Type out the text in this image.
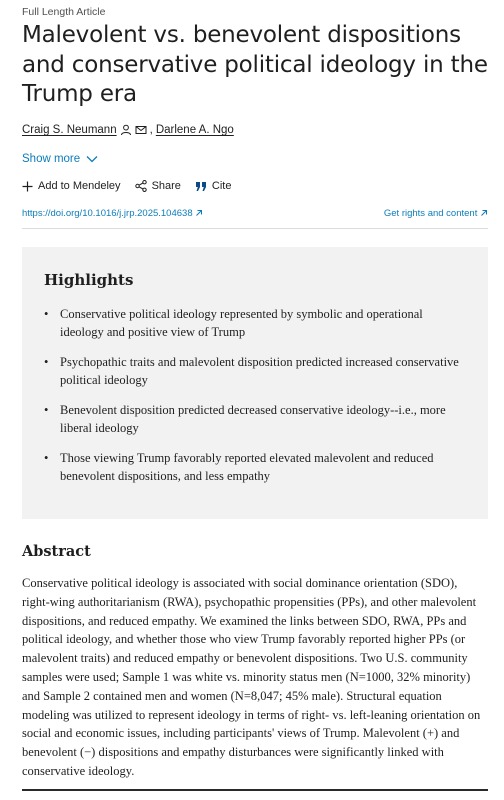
Full Length Article
Malevolent vs. benevolent dispositions and conservative political ideology in the Trump era
Craig S. Neumann	, Darlene A. Ngo
Show more
Add to Mendeley	Share	Cite
https://doi.org/10.1016/j.jrp.2025.104638	Get rights and content
Highlights
• Conservative political ideology represented by symbolic and operational ideology and positive view of Trump
• Psychopathic traits and malevolent disposition predicted increased conservative political ideology
• Benevolent disposition predicted decreased conservative ideology--i.e., more liberal ideology
• Those viewing Trump favorably reported elevated malevolent and reduced benevolent dispositions, and less empathy
Abstract

Conservative political ideology is associated with social dominance orientation (SDO), right-wing authoritarianism (RWA), psychopathic propensities (PPs), and other malevolent dispositions, and reduced empathy. We examined the links between SDO, RWA, PPs and political ideology, and whether those who view Trump favorably reported higher PPs (or malevolent traits) and reduced empathy or benevolent dispositions. Two U.S. community samples were used; Sample 1 was white vs. minority status men (N=1000, 32% minority) and Sample 2 contained men and women (N=8,047; 45% male). Structural equation modeling was utilized to represent ideology in terms of right- vs. left-leaning orientation on social and economic issues, including participants' views of Trump. Malevolent (+) and benevolent (−) dispositions and empathy disturbances were significantly linked with conservative ideology.
